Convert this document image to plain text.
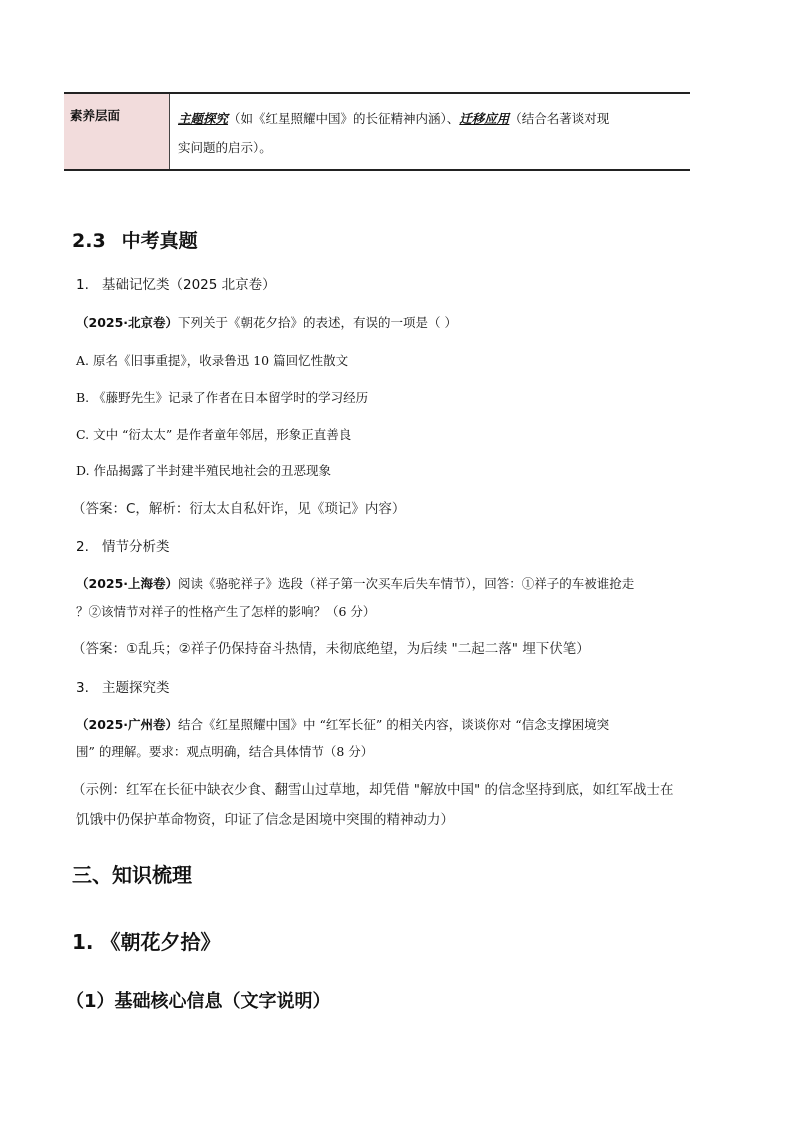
素养层面	主题探究（如《红星照耀中国》的长征精神内涵）、迁移应用（结合名著谈对现
实问题的启示）。
2.3 中考真题
1. 基础记忆类（2025 北京卷）
（2025·北京卷）下列关于《朝花夕拾》的表述，有误的一项是（ ）
A. 原名《旧事重提》，收录鲁迅 10 篇回忆性散文
B. 《藤野先生》记录了作者在日本留学时的学习经历
C. 文中 “衍太太” 是作者童年邻居，形象正直善良
D. 作品揭露了半封建半殖民地社会的丑恶现象
（答案：C，解析：衍太太自私奸诈，见《琐记》内容）
2. 情节分析类
（2025·上海卷）阅读《骆驼祥子》选段（祥子第一次买车后失车情节），回答：①祥子的车被谁抢走
？②该情节对祥子的性格产生了怎样的影响？（6 分）
（答案：①乱兵；②祥子仍保持奋斗热情，未彻底绝望，为后续 "二起二落" 埋下伏笔）
3. 主题探究类
（2025·广州卷）结合《红星照耀中国》中 “红军长征” 的相关内容，谈谈你对 “信念支撑困境突
围” 的理解。要求：观点明确，结合具体情节（8 分）
（示例：红军在长征中缺衣少食、翻雪山过草地，却凭借 "解放中国" 的信念坚持到底，如红军战士在
饥饿中仍保护革命物资，印证了信念是困境中突围的精神动力）
三、知识梳理
1. 《朝花夕拾》
（1）基础核心信息（文字说明）
